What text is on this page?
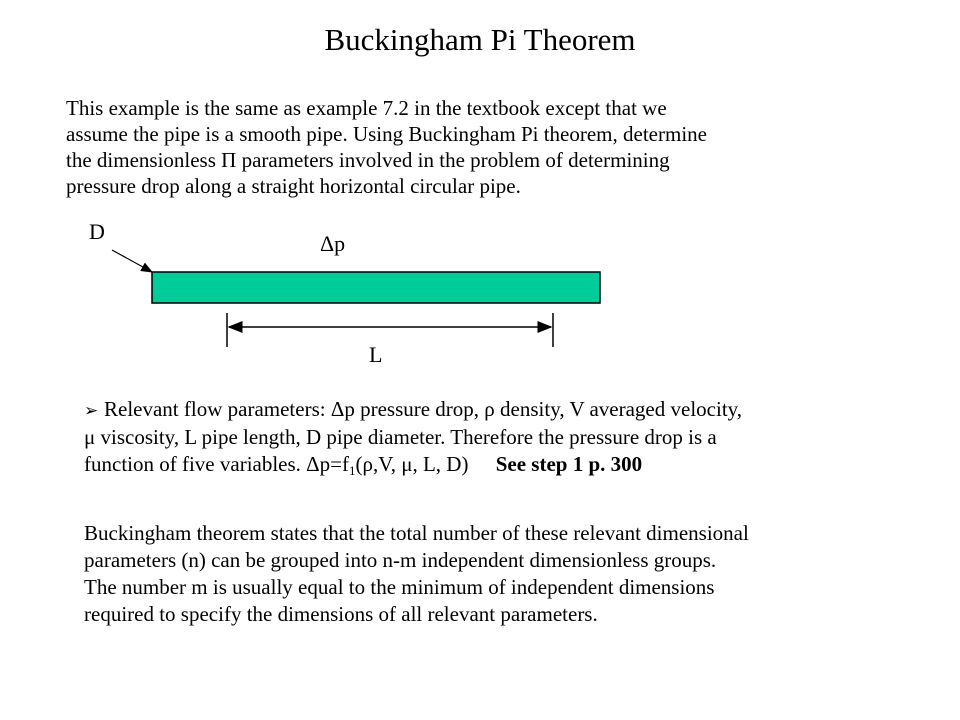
Buckingham Pi Theorem
This example is the same as example 7.2 in the textbook except that we
assume the pipe is a smooth pipe. Using Buckingham Pi theorem, determine
the dimensionless Π parameters involved in the problem of determining
pressure drop along a straight horizontal circular pipe.
D	Δp
L
➢ Relevant flow parameters: Δp pressure drop, ρ density, V averaged velocity,
μ viscosity, L pipe length, D pipe diameter. Therefore the pressure drop is a
function of five variables. $\Delta p=f_1(\rho,V$, μ, L, D) See step 1 p. 300
Buckingham theorem states that the total number of these relevant dimensional
parameters (n) can be grouped into n-m independent dimensionless groups.
The number m is usually equal to the minimum of independent dimensions
required to specify the dimensions of all relevant parameters.
